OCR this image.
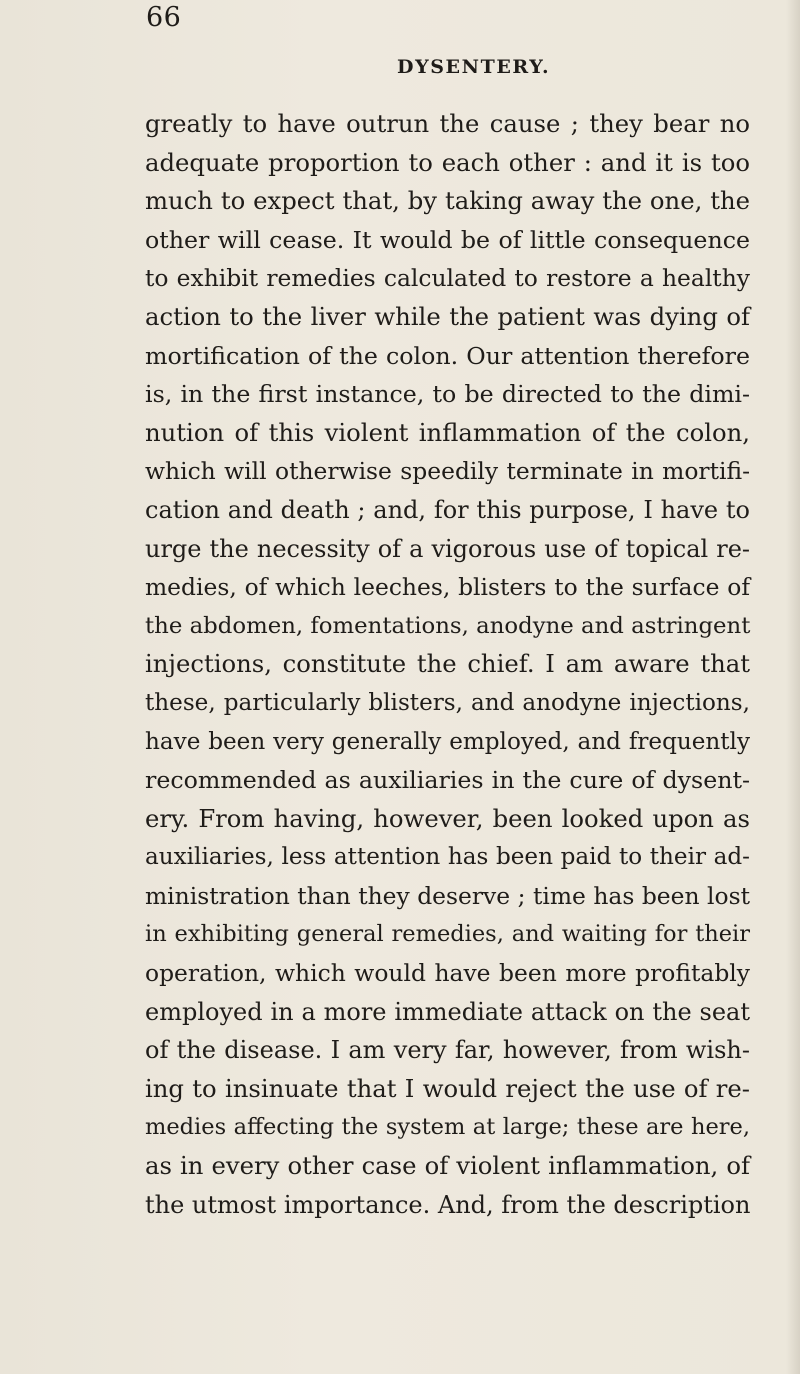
66
DYSENTERY.
greatly to have outrun the cause ; they bear no
adequate proportion to each other : and it is too
much to expect that, by taking away the one, the
other will cease. It would be of little consequence
to exhibit remedies calculated to restore a healthy
action to the liver while the patient was dying of
mortification of the colon. Our attention therefore
is, in the first instance, to be directed to the dimi-
nution of this violent inflammation of the colon,
which will otherwise speedily terminate in mortifi-
cation and death ; and, for this purpose, I have to
urge the necessity of a vigorous use of topical re-
medies, of which leeches, blisters to the surface of
the abdomen, fomentations, anodyne and astringent
injections, constitute the chief. I am aware that
these, particularly blisters, and anodyne injections,
have been very generally employed, and frequently
recommended as auxiliaries in the cure of dysent-
ery. From having, however, been looked upon as
auxiliaries, less attention has been paid to their ad-
ministration than they deserve ; time has been lost
in exhibiting general remedies, and waiting for their
operation, which would have been more profitably
employed in a more immediate attack on the seat
of the disease. I am very far, however, from wish-
ing to insinuate that I would reject the use of re-
medies affecting the system at large; these are here,
as in every other case of violent inflammation, of
the utmost importance. And, from the description
